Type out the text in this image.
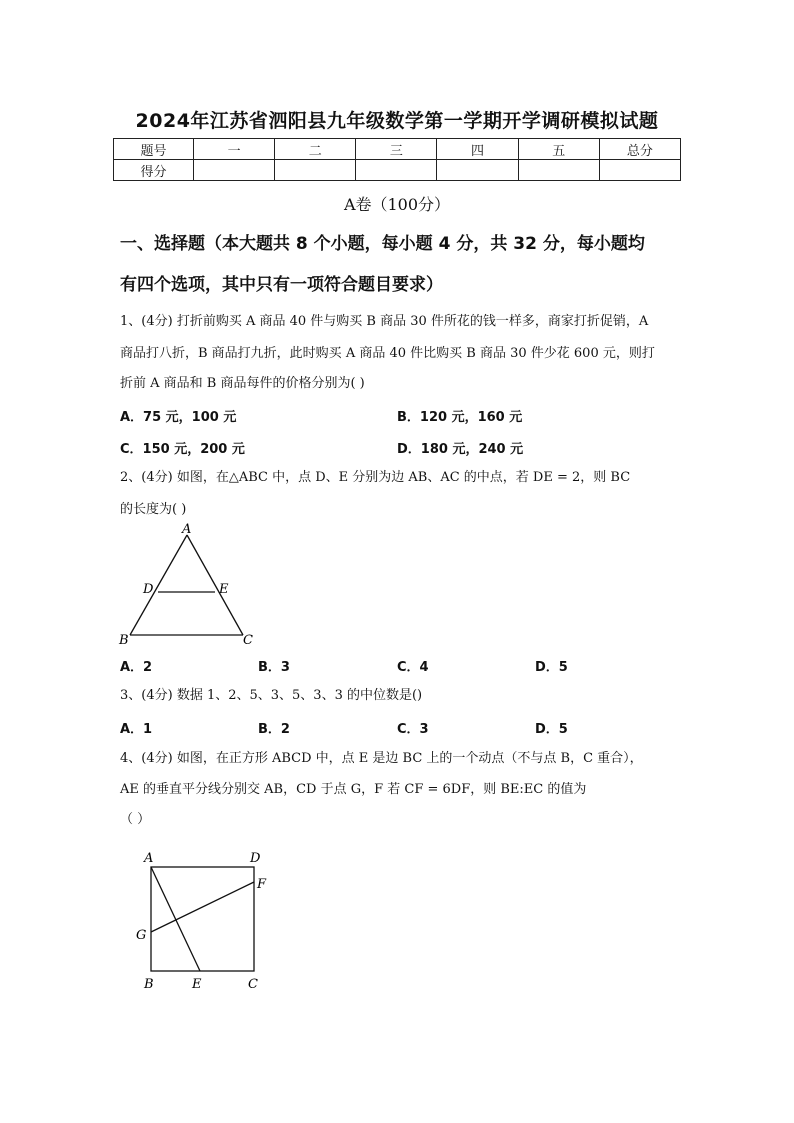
2024年江苏省泗阳县九年级数学第一学期开学调研模拟试题
题号	一	二	三	四	五	总分
得分						
A卷（100分）
一、选择题（本大题共 8 个小题，每小题 4 分，共 32 分，每小题均
有四个选项，其中只有一项符合题目要求）
1、(4分) 打折前购买 A 商品 40 件与购买 B 商品 30 件所花的钱一样多，商家打折促销，A
商品打八折，B 商品打九折，此时购买 A 商品 40 件比购买 B 商品 30 件少花 600 元，则打
折前 A 商品和 B 商品每件的价格分别为( )
A．75 元，100 元	B．120 元，160 元
C．150 元，200 元	D．180 元，240 元
2、(4分) 如图，在△ABC 中，点 D、E 分别为边 AB、AC 的中点，若 DE = 2，则 BC
的长度为( )
A
D	E
B	C
A．2	B．3	C．4	D．5
3、(4分) 数据 1、2、5、3、5、3、3 的中位数是()
A．1	B．2	C．3	D．5
4、(4分) 如图，在正方形 ABCD 中，点 E 是边 BC 上的一个动点（不与点 B，C 重合），
AE 的垂直平分线分别交 AB，CD 于点 G，F 若 CF = 6DF，则 BE:EC 的值为
（ ）
A	D
F
G
B	E	C
